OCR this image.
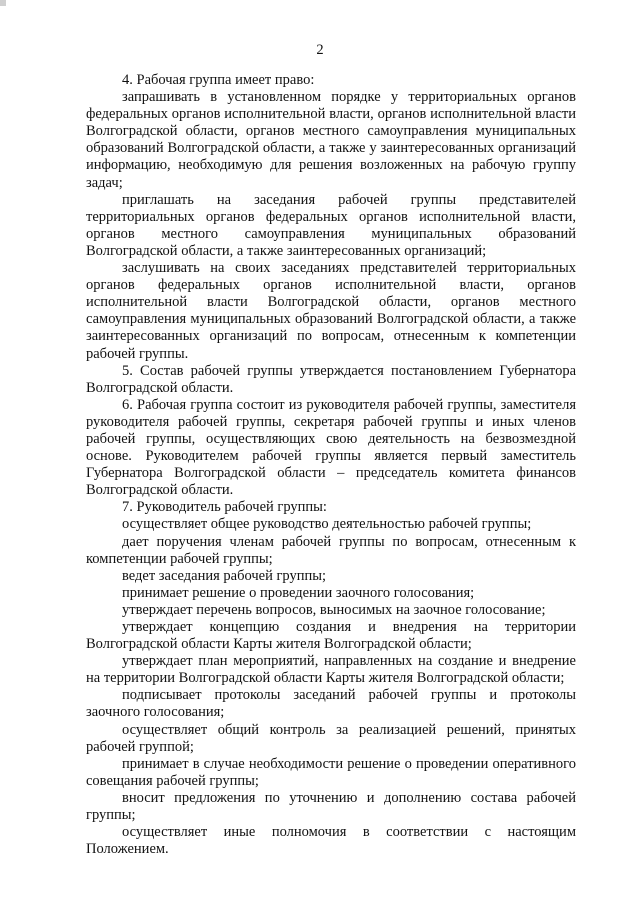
2

4. Рабочая группа имеет право:

запрашивать в установленном порядке у территориальных органов федеральных органов исполнительной власти, органов исполнительной власти Волгоградской области, органов местного самоуправления муниципальных образований Волгоградской области, а также у заинтересованных организаций информацию, необходимую для решения возложенных на рабочую группу задач;

приглашать на заседания рабочей группы представителей территориальных органов федеральных органов исполнительной власти, органов местного самоуправления муниципальных образований Волгоградской области, а также заинтересованных организаций;

заслушивать на своих заседаниях представителей территориальных органов федеральных органов исполнительной власти, органов исполнительной власти Волгоградской области, органов местного самоуправления муниципальных образований Волгоградской области, а также заинтересованных организаций по вопросам, отнесенным к компетенции рабочей группы.

5. Состав рабочей группы утверждается постановлением Губернатора Волгоградской области.

6. Рабочая группа состоит из руководителя рабочей группы, заместителя руководителя рабочей группы, секретаря рабочей группы и иных членов рабочей группы, осуществляющих свою деятельность на безвозмездной основе. Руководителем рабочей группы является первый заместитель Губернатора Волгоградской области – председатель комитета финансов Волгоградской области.

7. Руководитель рабочей группы:

осуществляет общее руководство деятельностью рабочей группы;

дает поручения членам рабочей группы по вопросам, отнесенным к компетенции рабочей группы;

ведет заседания рабочей группы;

принимает решение о проведении заочного голосования;

утверждает перечень вопросов, выносимых на заочное голосование;

утверждает концепцию создания и внедрения на территории Волгоградской области Карты жителя Волгоградской области;

утверждает план мероприятий, направленных на создание и внедрение на территории Волгоградской области Карты жителя Волгоградской области;

подписывает протоколы заседаний рабочей группы и протоколы заочного голосования;

осуществляет общий контроль за реализацией решений, принятых рабочей группой;

принимает в случае необходимости решение о проведении оперативного совещания рабочей группы;

вносит предложения по уточнению и дополнению состава рабочей группы;

осуществляет иные полномочия в соответствии с настоящим Положением.
